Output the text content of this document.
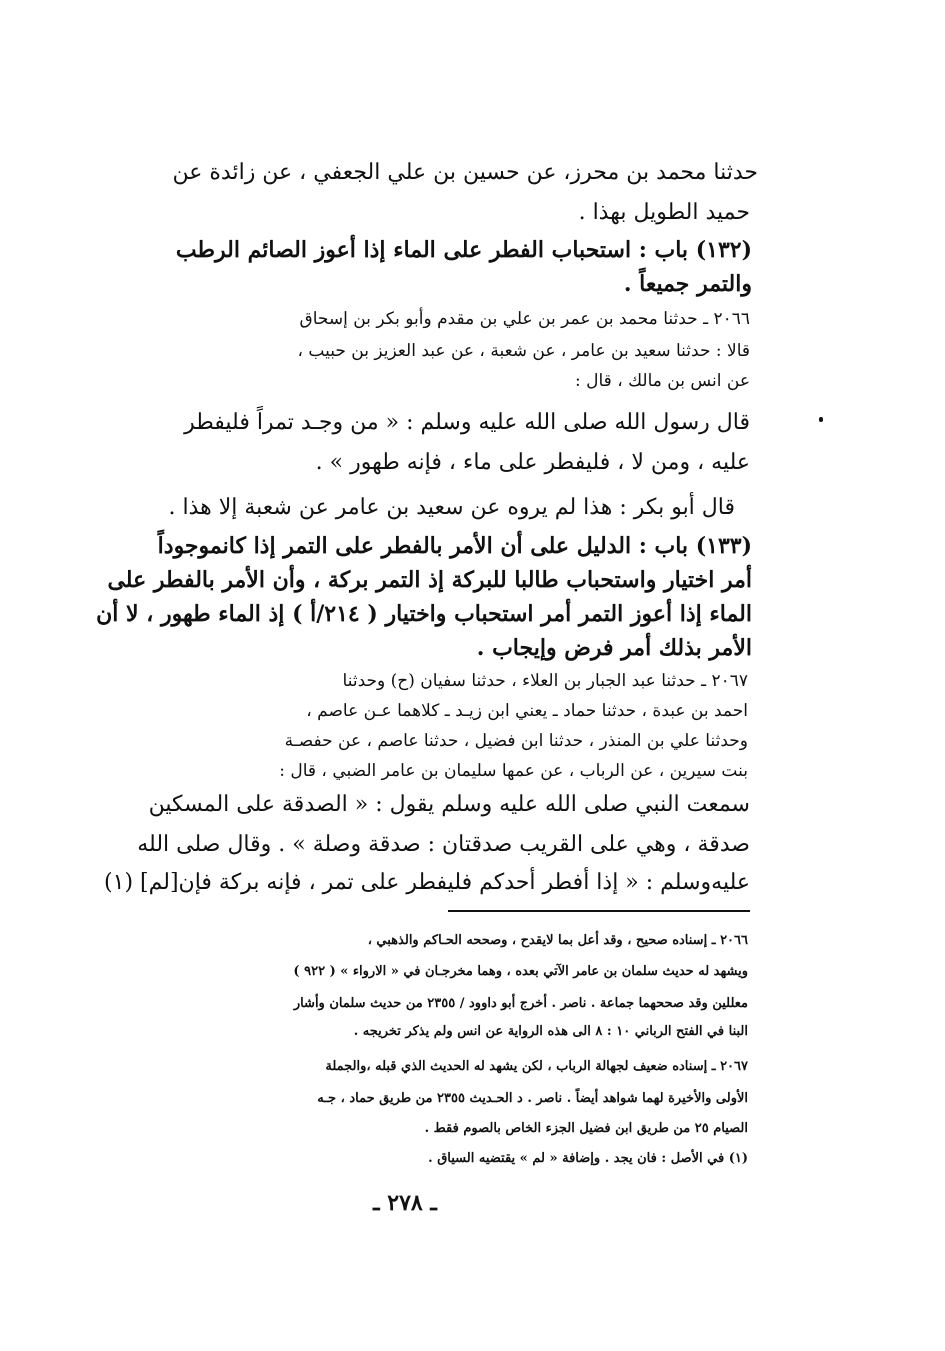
حدثنا محمد بن محرز، عن حسين بن علي الجعفي ، عن زائدة عن
حميد الطويل بهذا .
(١٣٢) باب : استحباب الفطر على الماء إذا أعوز الصائم الرطب
والتمر جميعاً .
٢٠٦٦ ـ حدثنا محمد بن عمر بن علي بن مقدم وأبو بكر بن إسحاق
قالا : حدثنا سعيد بن عامر ، عن شعبة ، عن عبد العزيز بن حبيب ،
عن انس بن مالك ، قال :
قال رسول الله صلى الله عليه وسلم : « من وجـد تمراً فليفطر
عليه ، ومن لا ، فليفطر على ماء ، فإنه طهور » .
قال أبو بكر : هذا لم يروه عن سعيد بن عامر عن شعبة إلا هذا .
(١٣٣) باب : الدليل على أن الأمر بالفطر على التمر إذا كانموجوداً
أمر اختيار واستحباب طالبا للبركة إذ التمر بركة ، وأن الأمر بالفطر على
الماء إذا أعوز التمر أمر استحباب واختيار ( ٢١٤/أ ) إذ الماء طهور ، لا أن
الأمر بذلك أمر فرض وإيجاب .
٢٠٦٧ ـ حدثنا عبد الجبار بن العلاء ، حدثنا سفيان (ح) وحدثنا
احمد بن عبدة ، حدثنا حماد ـ يعني ابن زيـد ـ كلاهما عـن عاصم ،
وحدثنا علي بن المنذر ، حدثنا ابن فضيل ، حدثنا عاصم ، عن حفصـة
بنت سيرين ، عن الرباب ، عن عمها سليمان بن عامر الضبي ، قال :
سمعت النبي صلى الله عليه وسلم يقول : « الصدقة على المسكين
صدقة ، وهي على القريب صدقتان : صدقة وصلة » . وقال صلى الله
عليه‌وسلم : « إذا أفطر أحدكم فليفطر على تمر ، فإنه بركة فإن[لم] (١)
٢٠٦٦ ـ إسناده صحيح ، وقد أعل بما لايقدح ، وصححه الحـاكم والذهبي ،
ويشهد له حديث سلمان بن عامر الآتي بعده ، وهما مخرجـان في « الارواء » ( ٩٢٢ )
معللين وقد صححهما جماعة . ناصر . أخرج أبو داوود / ٢٣٥٥ من حديث سلمان وأشار
البنا في الفتح الرباني ١٠ : ٨ الى هذه الرواية عن انس ولم يذكر تخريجه .
٢٠٦٧ ـ إسناده ضعيف لجهالة الرباب ، لكن يشهد له الحديث الذي قبله ،والجملة
الأولى والأخيرة لهما شواهد أيضاً . ناصر . د الحـديث ٢٣٥٥ من طريق حماد ، جـه
الصيام ٢٥ من طريق ابن فضيل الجزء الخاص بالصوم فقط .
(١) في الأصل : فان يجد . وإضافة « لم » يقتضيه السياق .
ـ ٢٧٨ ـ
